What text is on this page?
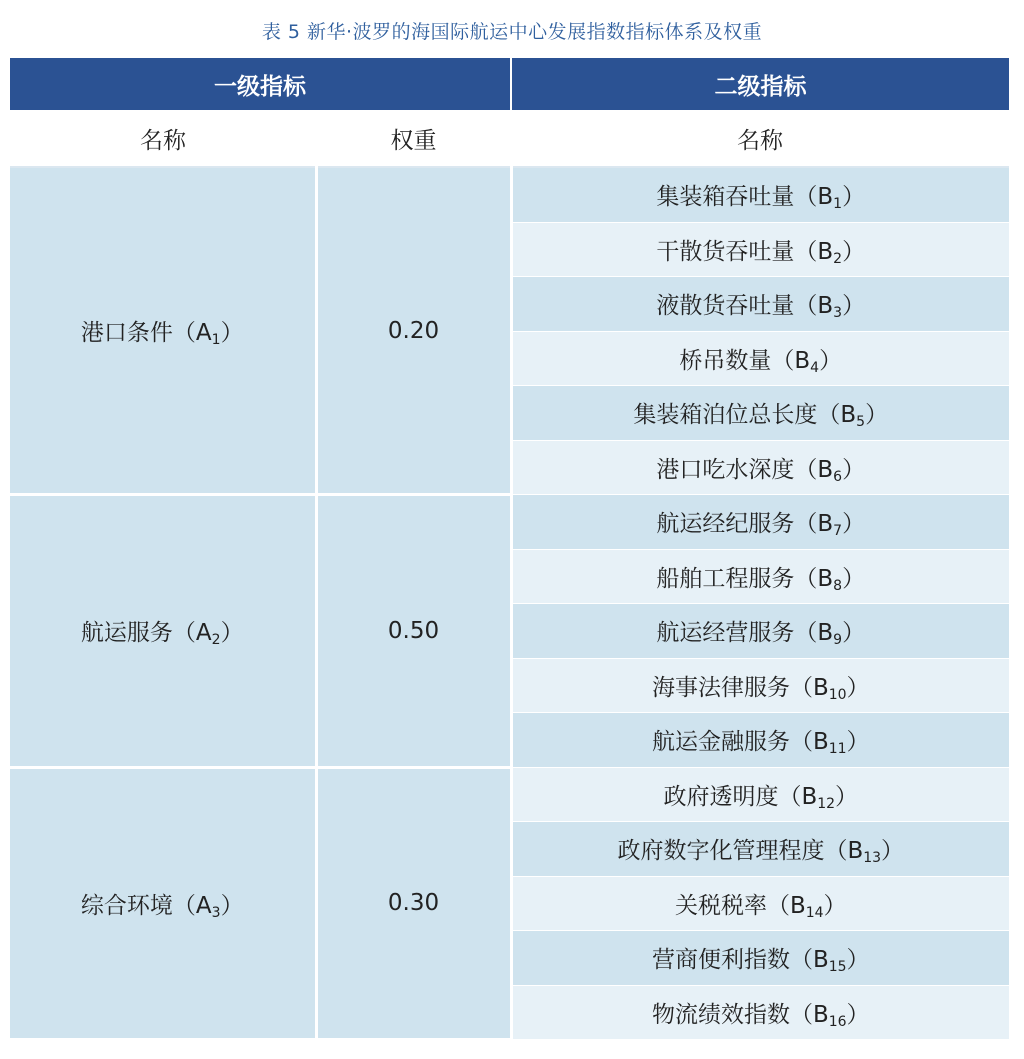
表 5 新华·波罗的海国际航运中心发展指数指标体系及权重
一级指标		二级指标
名称	权重	名称
港口条件 （ $A_1$ ）	0.20	集装箱吞吐量 （ $B_1$ ）
		干散货吞吐量 （ $B_2$ ）
		液散货吞吐量 （ $B_3$ ）
		桥吊数量 （ $B_4$ ）
		集装箱泊位总长度 （ $B_5$ ）
		港口吃水深度 （ $B_6$ ）
航运服务 （ $A_2$ ）	0.50	航运经纪服务 （ $B_7$ ）
		船舶工程服务 （ $B_8$ ）
		航运经营服务 （ $B_9$ ）
		海事法律服务 （ $B_{10}$ ）
		航运金融服务 （ $B_{11}$ ）
综合环境 （ $A_3$ ）	0.30	政府透明度 （ $B_{12}$ ）
		政府数字化管理程度 （ $B_{13}$ ）
		关税税率 （ $B_{14}$ ）
		营商便利指数 （ $B_{15}$ ）
		物流绩效指数 （ $B_{16}$ ）
